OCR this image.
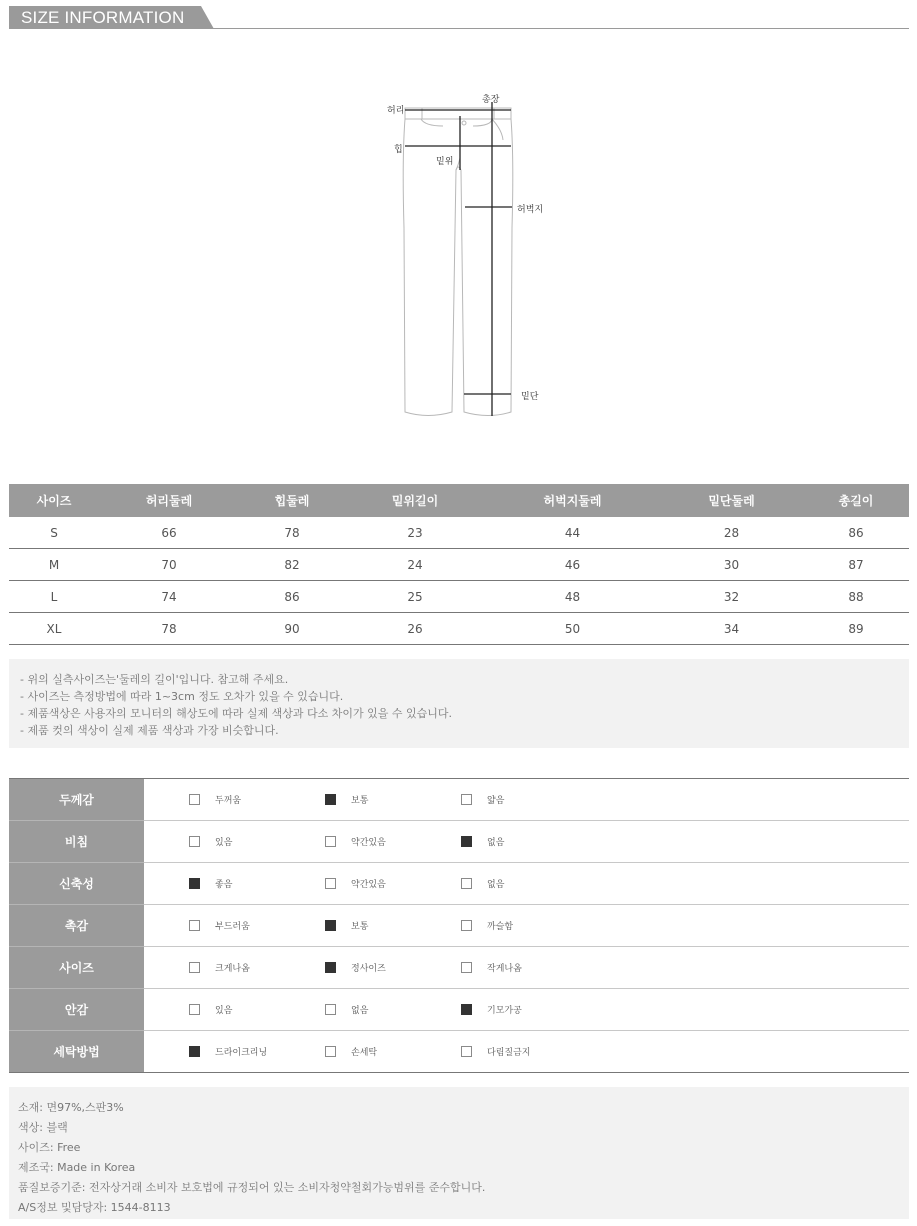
SIZE INFORMATION
허리
총장
힙
밑위
허벅지
밑단
사이즈	허리둘레	힙둘레	밑위길이	허벅지둘레	밑단둘레	총길이
S	66	78	23	44	28	86
M	70	82	24	46	30	87
L	74	86	25	48	32	88
XL	78	90	26	50	34	89
- 위의 실측사이즈는'둘레의 길이'입니다. 참고해 주세요.
- 사이즈는 측정방법에 따라 1~3cm 정도 오차가 있을 수 있습니다.
- 제품색상은 사용자의 모니터의 해상도에 따라 실제 색상과 다소 차이가 있을 수 있습니다.
- 제품 컷의 색상이 실제 제품 색상과 가장 비슷합니다.
두께감	두꺼움	보통	얇음

비침	있음	약간있음	없음

신축성	좋음	약간있음	없음

촉감	부드러움	보통	까슬함

사이즈	크게나옴	정사이즈	작게나옴

안감	있음	없음	기모가공

세탁방법	드라이크리닝	손세탁	다림질금지
소재: 면97%,스판3%
색상: 블랙
사이즈: Free
제조국: Made in Korea
품질보증기준: 전자상거래 소비자 보호법에 규정되어 있는 소비자청약철회가능범위를 준수합니다.
A/S정보 및담당자: 1544-8113
